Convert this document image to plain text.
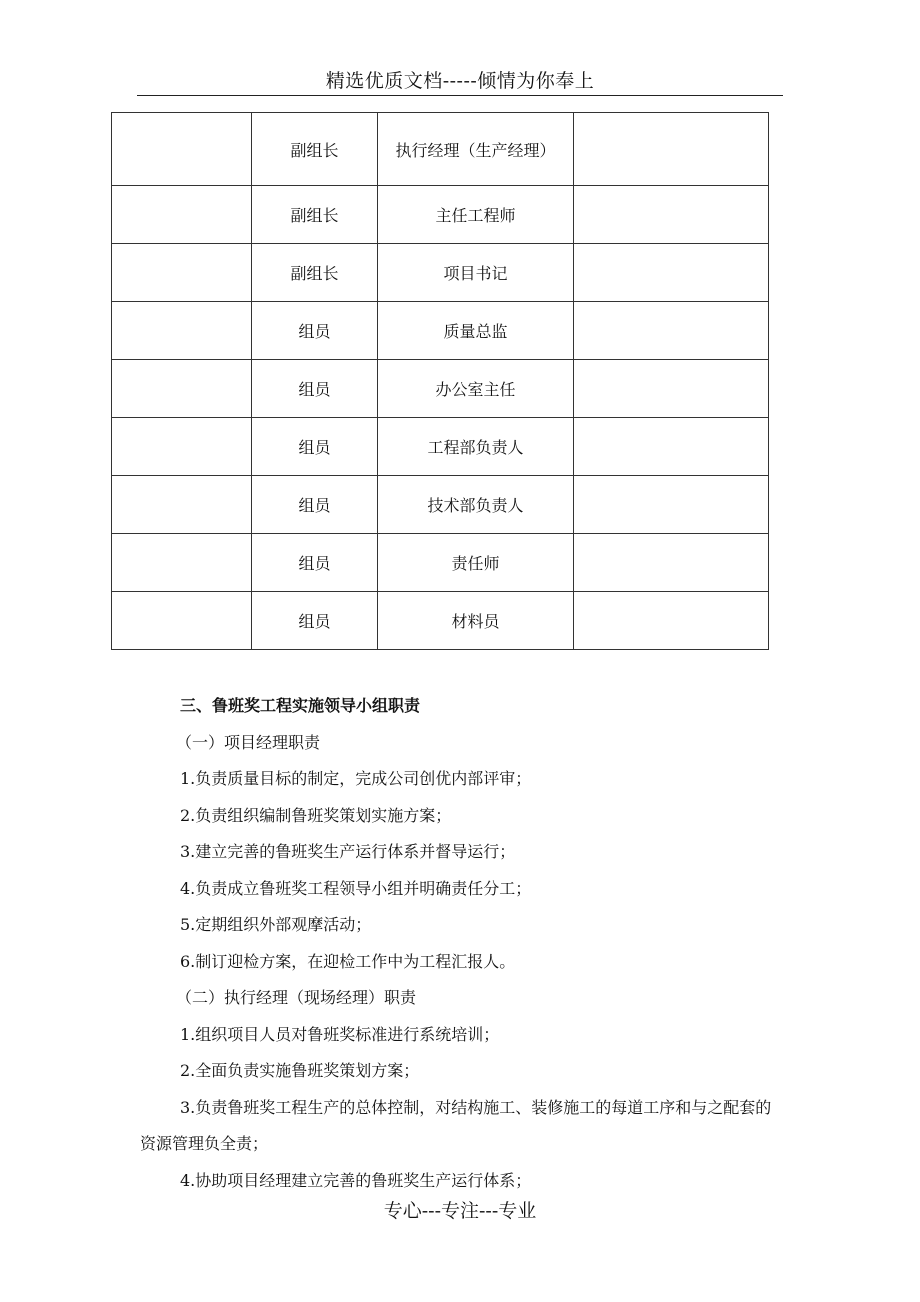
精选优质文档-----倾情为你奉上
	副组长	执行经理（生产经理）	
	副组长	主任工程师	
	副组长	项目书记	
	组员	质量总监	
	组员	办公室主任	
	组员	工程部负责人	
	组员	技术部负责人	
	组员	责任师	
	组员	材料员	

三、鲁班奖工程实施领导小组职责

（一）项目经理职责

1.负责质量目标的制定，完成公司创优内部评审；

2.负责组织编制鲁班奖策划实施方案；

3.建立完善的鲁班奖生产运行体系并督导运行；

4.负责成立鲁班奖工程领导小组并明确责任分工；

5.定期组织外部观摩活动；

6.制订迎检方案，在迎检工作中为工程汇报人。

（二）执行经理（现场经理）职责

1.组织项目人员对鲁班奖标准进行系统培训；

2.全面负责实施鲁班奖策划方案；

3.负责鲁班奖工程生产的总体控制，对结构施工、装修施工的每道工序和与之配套的资源管理负全责；

4.协助项目经理建立完善的鲁班奖生产运行体系；

专心---专注---专业
